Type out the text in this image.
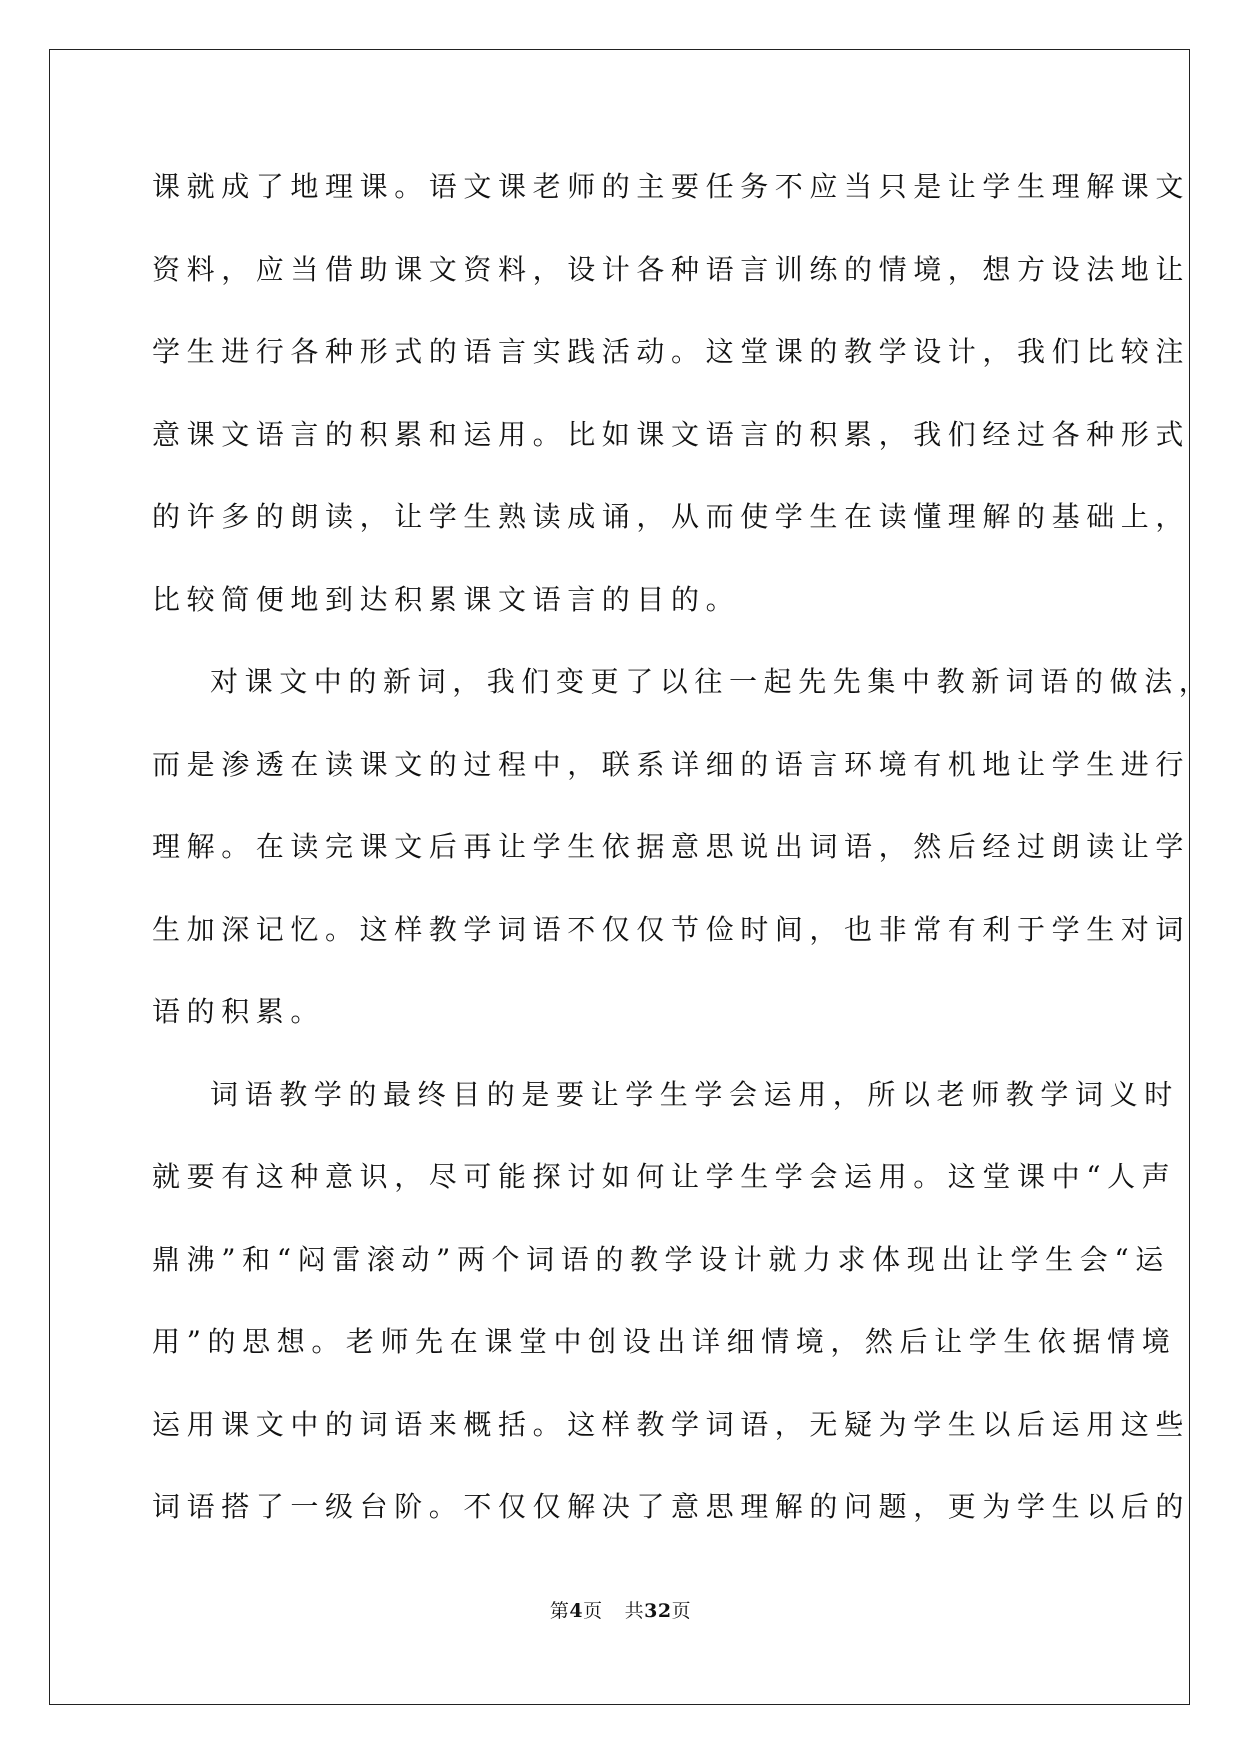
课就成了地理课。语文课老师的主要任务不应当只是让学生理解课文
资料，应当借助课文资料，设计各种语言训练的情境，想方设法地让
学生进行各种形式的语言实践活动。这堂课的教学设计，我们比较注
意课文语言的积累和运用。比如课文语言的积累，我们经过各种形式
的许多的朗读，让学生熟读成诵，从而使学生在读懂理解的基础上，
比较简便地到达积累课文语言的目的。
对课文中的新词，我们变更了以往一起先先集中教新词语的做法，
而是渗透在读课文的过程中，联系详细的语言环境有机地让学生进行
理解。在读完课文后再让学生依据意思说出词语，然后经过朗读让学
生加深记忆。这样教学词语不仅仅节俭时间，也非常有利于学生对词
语的积累。
词语教学的最终目的是要让学生学会运用，所以老师教学词义时
就要有这种意识，尽可能探讨如何让学生学会运用。这堂课中“人声
鼎沸”和“闷雷滚动”两个词语的教学设计就力求体现出让学生会“运
用”的思想。老师先在课堂中创设出详细情境，然后让学生依据情境
运用课文中的词语来概括。这样教学词语，无疑为学生以后运用这些
词语搭了一级台阶。不仅仅解决了意思理解的问题，更为学生以后的
第4页 共32页
